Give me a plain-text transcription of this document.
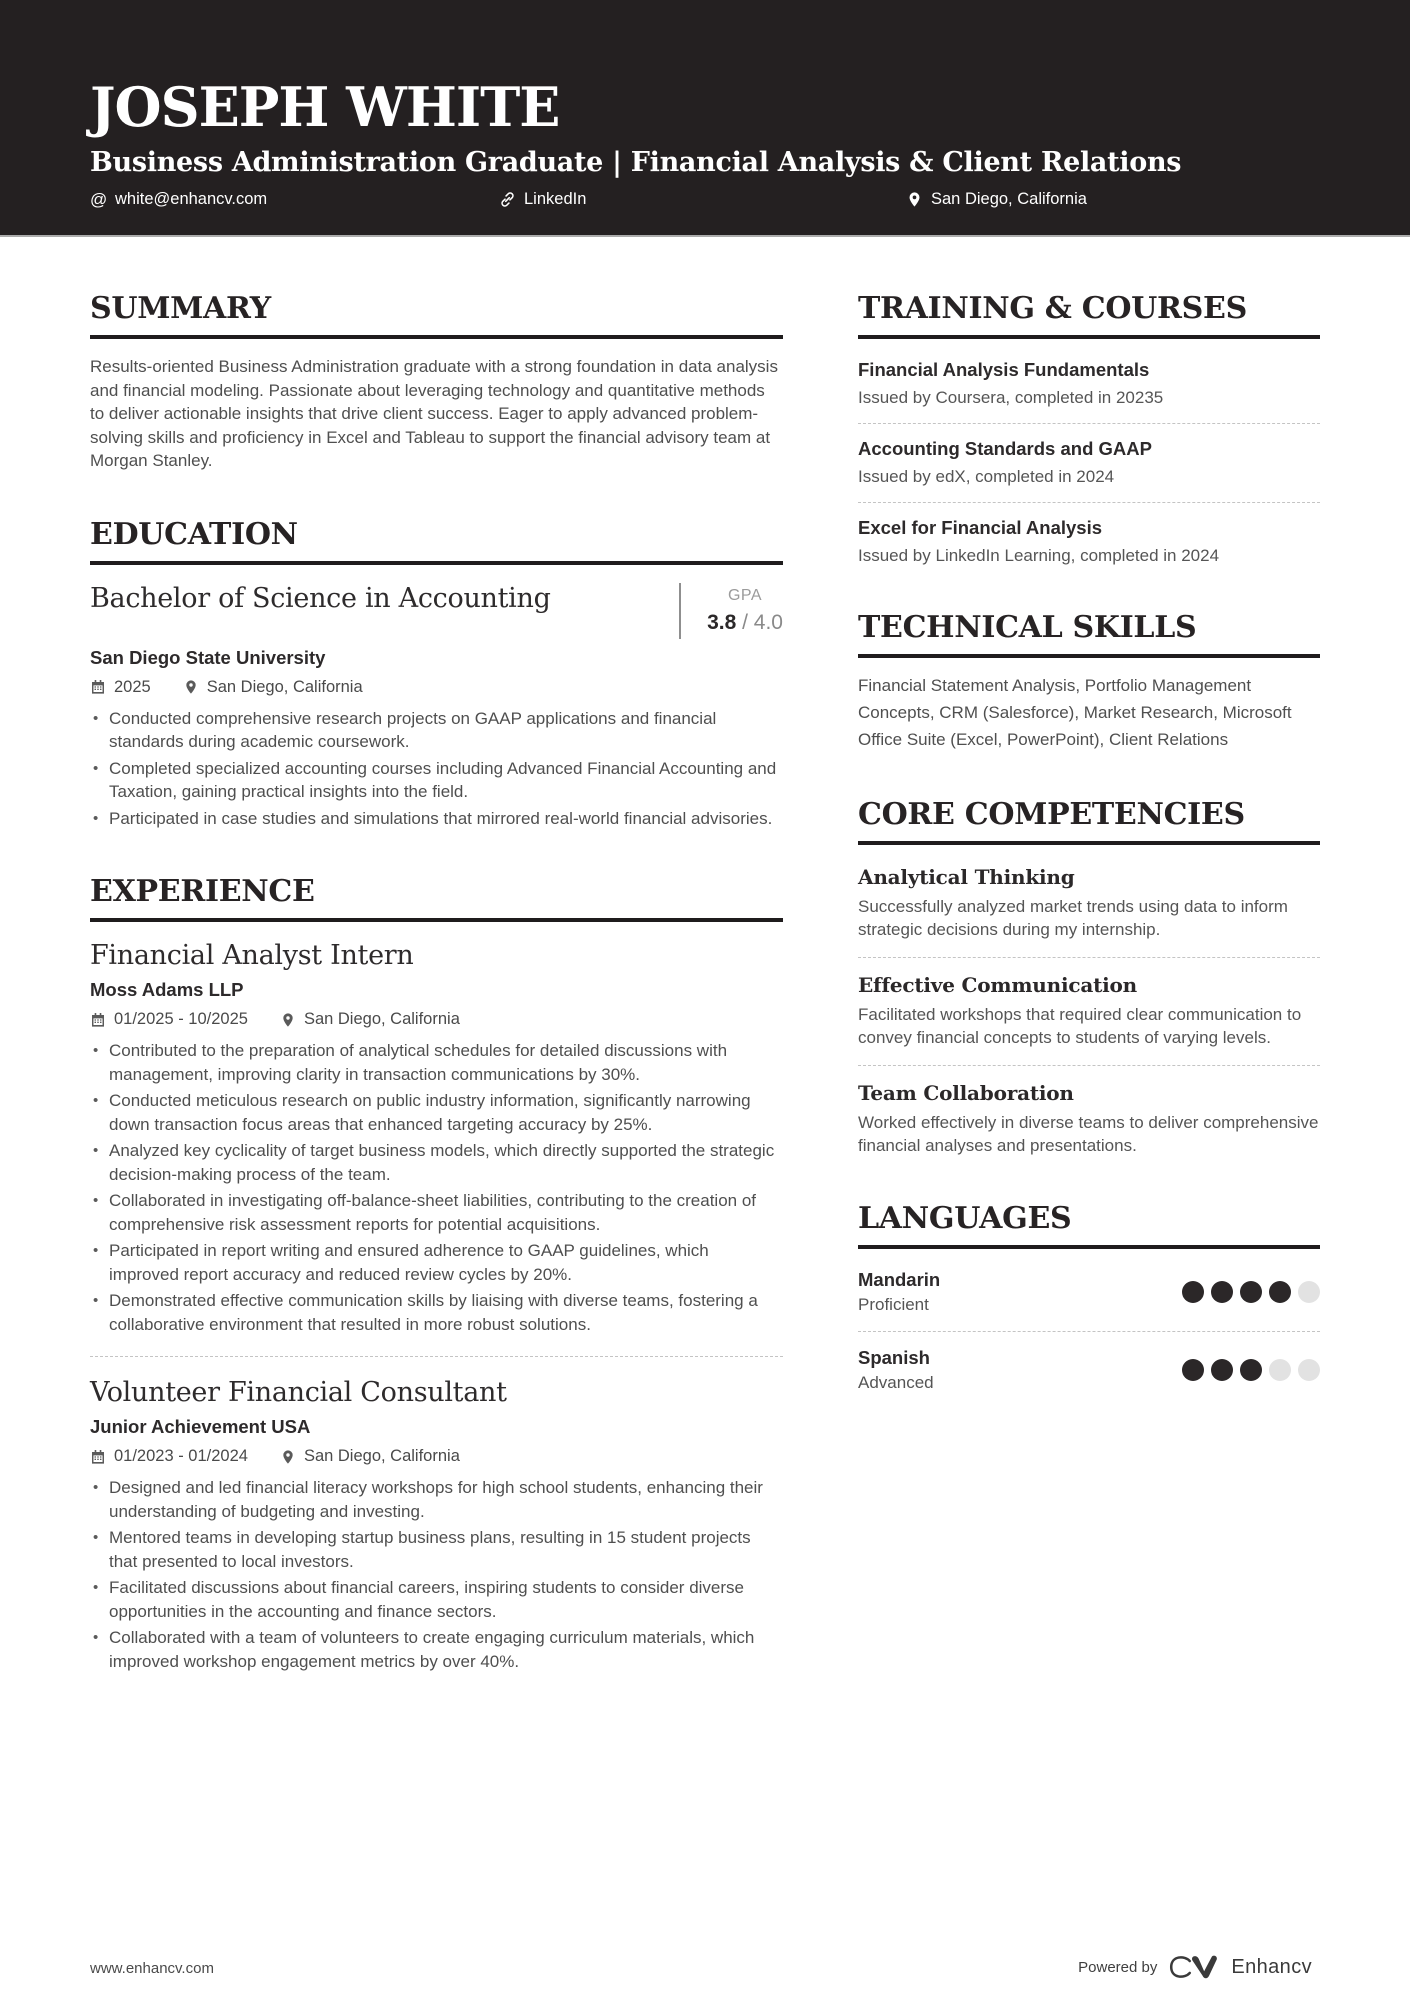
JOSEPH WHITE
Business Administration Graduate | Financial Analysis & Client Relations
@ white@enhancv.com	LinkedIn	San Diego, California
SUMMARY

Results-oriented Business Administration graduate with a strong foundation in data analysis and financial modeling. Passionate about leveraging technology and quantitative methods to deliver actionable insights that drive client success. Eager to apply advanced problem-solving skills and proficiency in Excel and Tableau to support the financial advisory team at Morgan Stanley.

EDUCATION
Bachelor of Science in Accounting	GPA
3.8 / 4.0
San Diego State University
2025	San Diego, California
• Conducted comprehensive research projects on GAAP applications and financial standards during academic coursework.
• Completed specialized accounting courses including Advanced Financial Accounting and Taxation, gaining practical insights into the field.
• Participated in case studies and simulations that mirrored real-world financial advisories.
EXPERIENCE
Financial Analyst Intern
Moss Adams LLP
01/2025 - 10/2025	San Diego, California
• Contributed to the preparation of analytical schedules for detailed discussions with management, improving clarity in transaction communications by 30%.
• Conducted meticulous research on public industry information, significantly narrowing down transaction focus areas that enhanced targeting accuracy by 25%.
• Analyzed key cyclicality of target business models, which directly supported the strategic decision-making process of the team.
• Collaborated in investigating off-balance-sheet liabilities, contributing to the creation of comprehensive risk assessment reports for potential acquisitions.
• Participated in report writing and ensured adherence to GAAP guidelines, which improved report accuracy and reduced review cycles by 20%.
• Demonstrated effective communication skills by liaising with diverse teams, fostering a collaborative environment that resulted in more robust solutions.
Volunteer Financial Consultant
Junior Achievement USA
01/2023 - 01/2024	San Diego, California
• Designed and led financial literacy workshops for high school students, enhancing their understanding of budgeting and investing.
• Mentored teams in developing startup business plans, resulting in 15 student projects that presented to local investors.
• Facilitated discussions about financial careers, inspiring students to consider diverse opportunities in the accounting and finance sectors.
• Collaborated with a team of volunteers to create engaging curriculum materials, which improved workshop engagement metrics by over 40%.
TRAINING & COURSES
Financial Analysis Fundamentals
Issued by Coursera, completed in 20235
Accounting Standards and GAAP
Issued by edX, completed in 2024
Excel for Financial Analysis
Issued by LinkedIn Learning, completed in 2024
TECHNICAL SKILLS

Financial Statement Analysis, Portfolio Management Concepts, CRM (Salesforce), Market Research, Microsoft Office Suite (Excel, PowerPoint), Client Relations

CORE COMPETENCIES
Analytical Thinking
Successfully analyzed market trends using data to inform strategic decisions during my internship.
Effective Communication
Facilitated workshops that required clear communication to convey financial concepts to students of varying levels.
Team Collaboration
Worked effectively in diverse teams to deliver comprehensive financial analyses and presentations.
LANGUAGES
Mandarin
Proficient
Spanish
Advanced
www.enhancv.com	Powered by	Enhancv
